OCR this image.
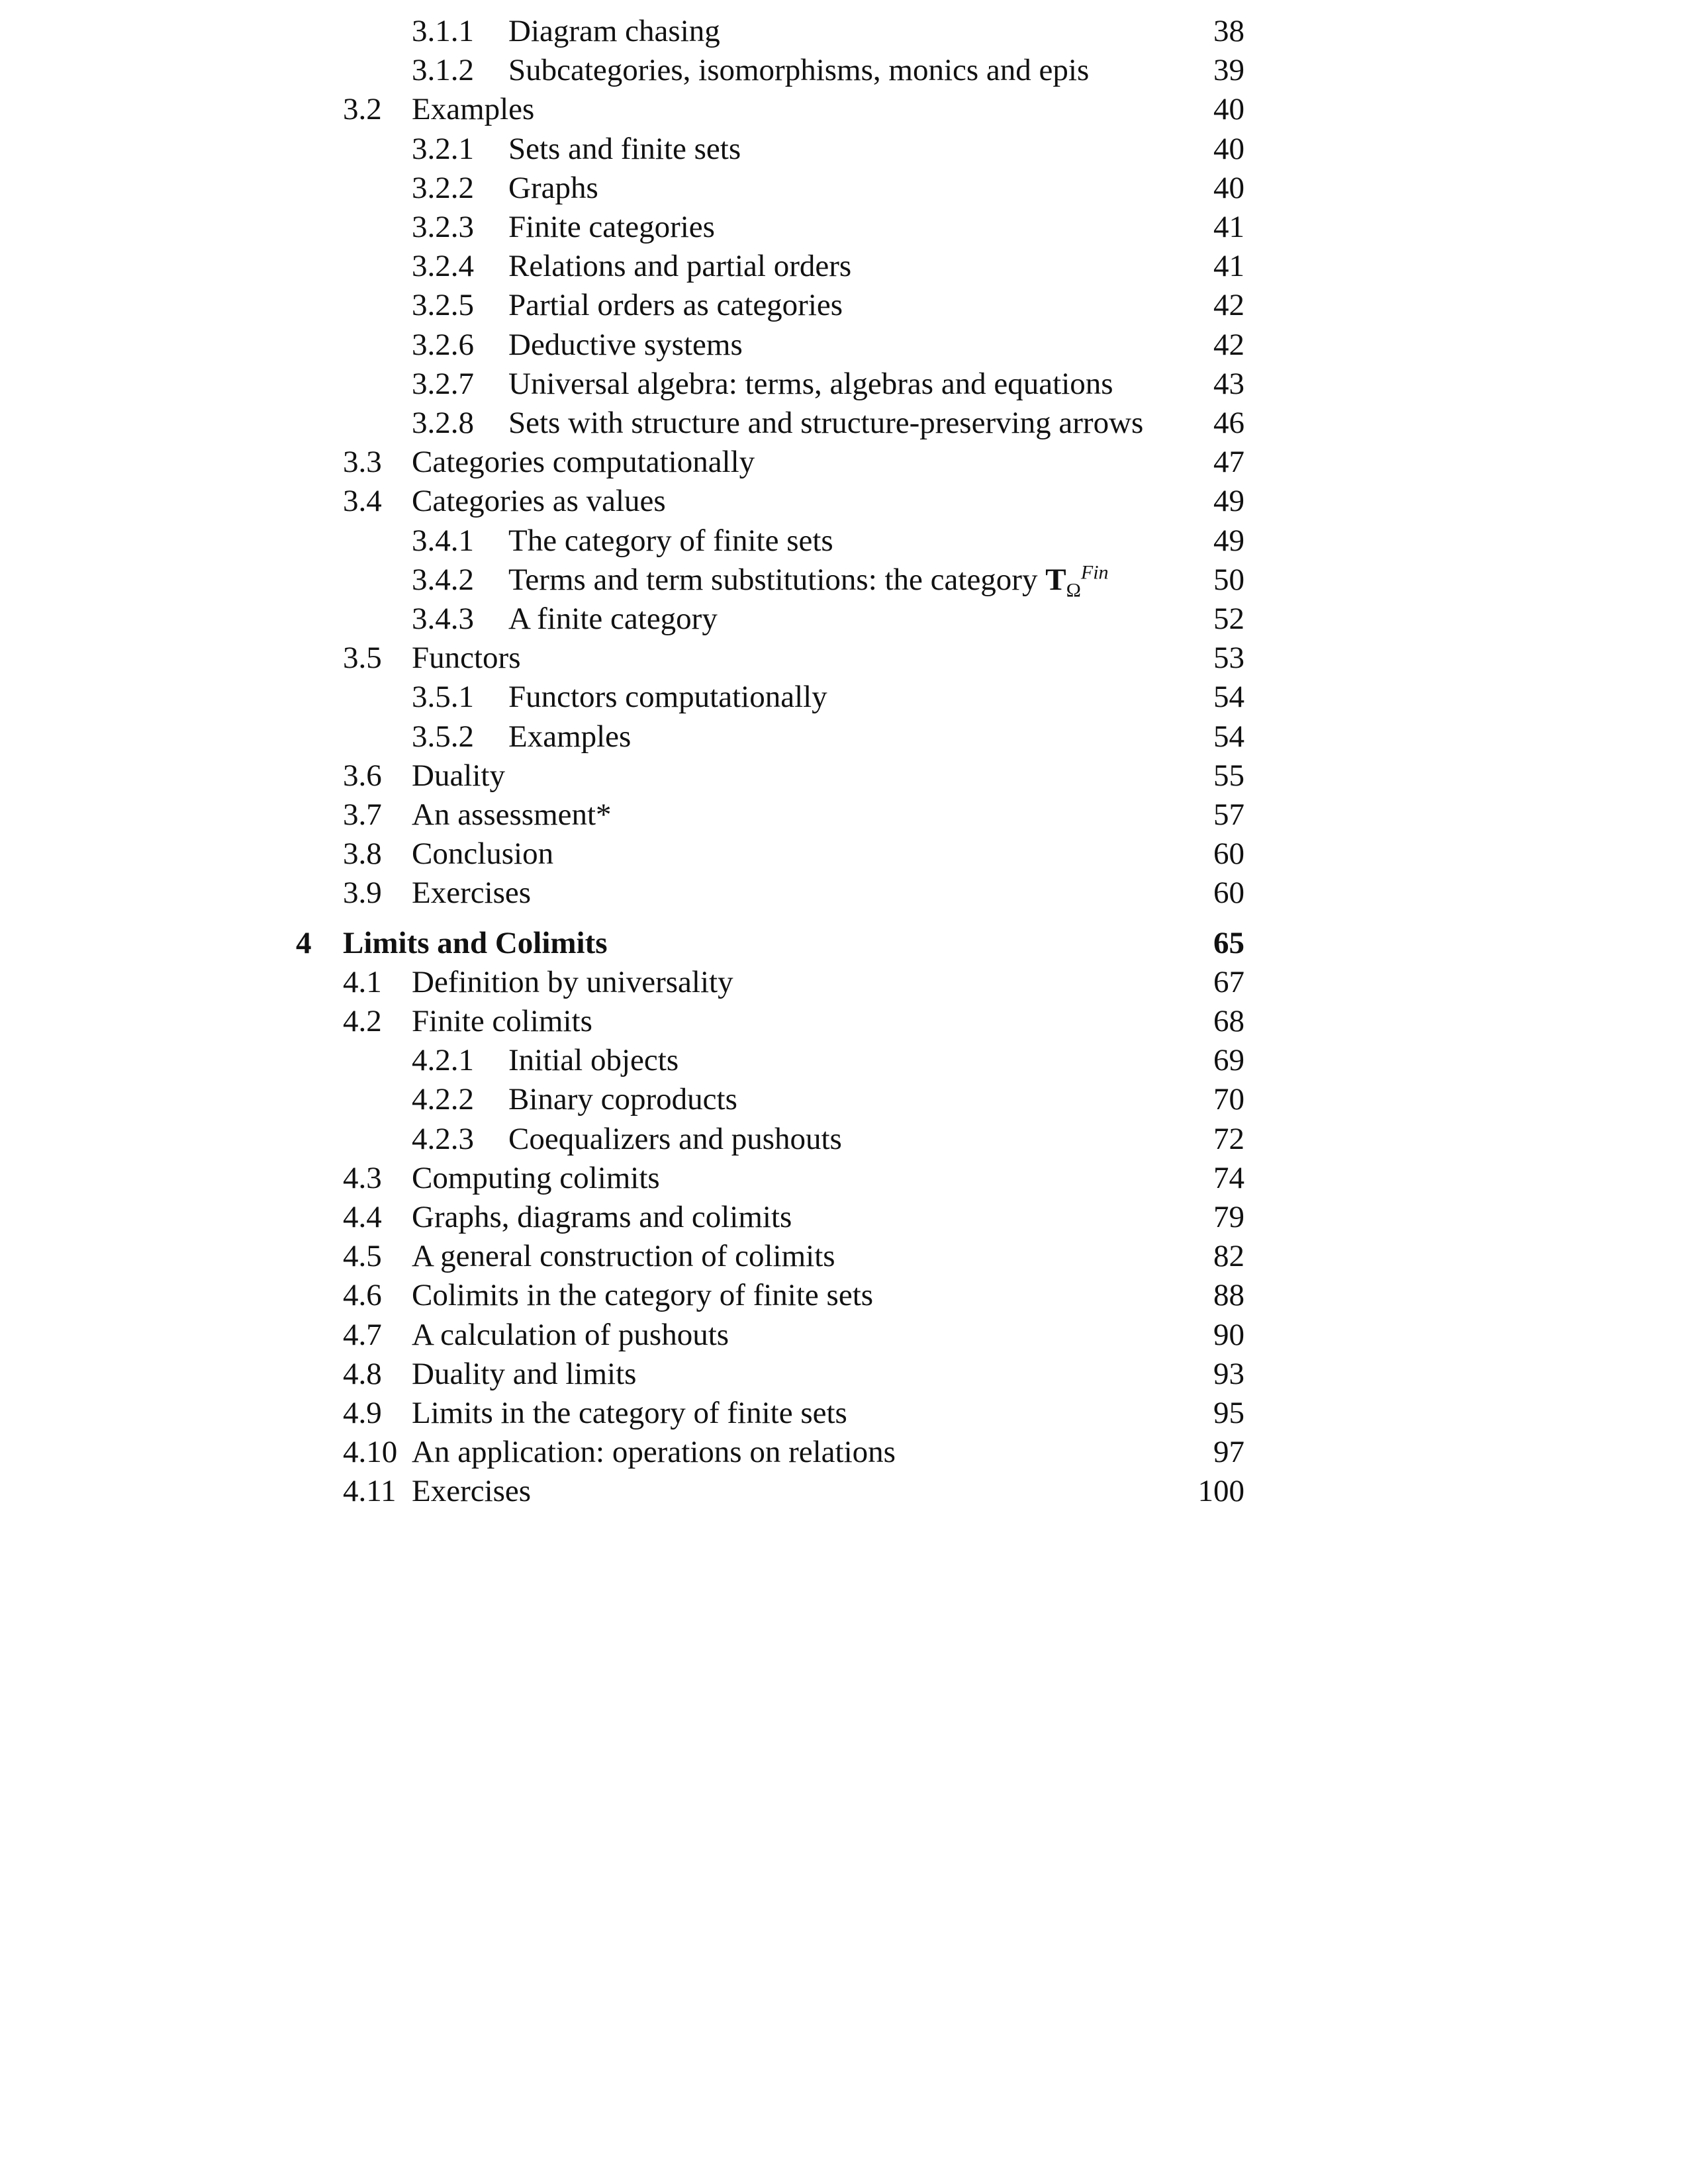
3.1.1 Diagram chasing	38
3.1.2 Subcategories, isomorphisms, monics and epis	39
3.2 Examples	40
3.2.1 Sets and finite sets	40
3.2.2 Graphs	40
3.2.3 Finite categories	41
3.2.4 Relations and partial orders	41
3.2.5 Partial orders as categories	42
3.2.6 Deductive systems	42
3.2.7 Universal algebra: terms, algebras and equations	43
3.2.8 Sets with structure and structure-preserving arrows	46
3.3 Categories computationally	47
3.4 Categories as values	49
3.4.1 The category of finite sets	49
3.4.2 Terms and term substitutions: the category $T_\Omega^{Fin}$	50
3.4.3 A finite category	52
3.5 Functors	53
3.5.1 Functors computationally	54
3.5.2 Examples	54
3.6 Duality	55
3.7 An assessment*	57
3.8 Conclusion	60
3.9 Exercises	60
4 Limits and Colimits	65
4.1 Definition by universality	67
4.2 Finite colimits	68
4.2.1 Initial objects	69
4.2.2 Binary coproducts	70
4.2.3 Coequalizers and pushouts	72
4.3 Computing colimits	74
4.4 Graphs, diagrams and colimits	79
4.5 A general construction of colimits	82
4.6 Colimits in the category of finite sets	88
4.7 A calculation of pushouts	90
4.8 Duality and limits	93
4.9 Limits in the category of finite sets	95
4.10 An application: operations on relations	97
4.11 Exercises	100
